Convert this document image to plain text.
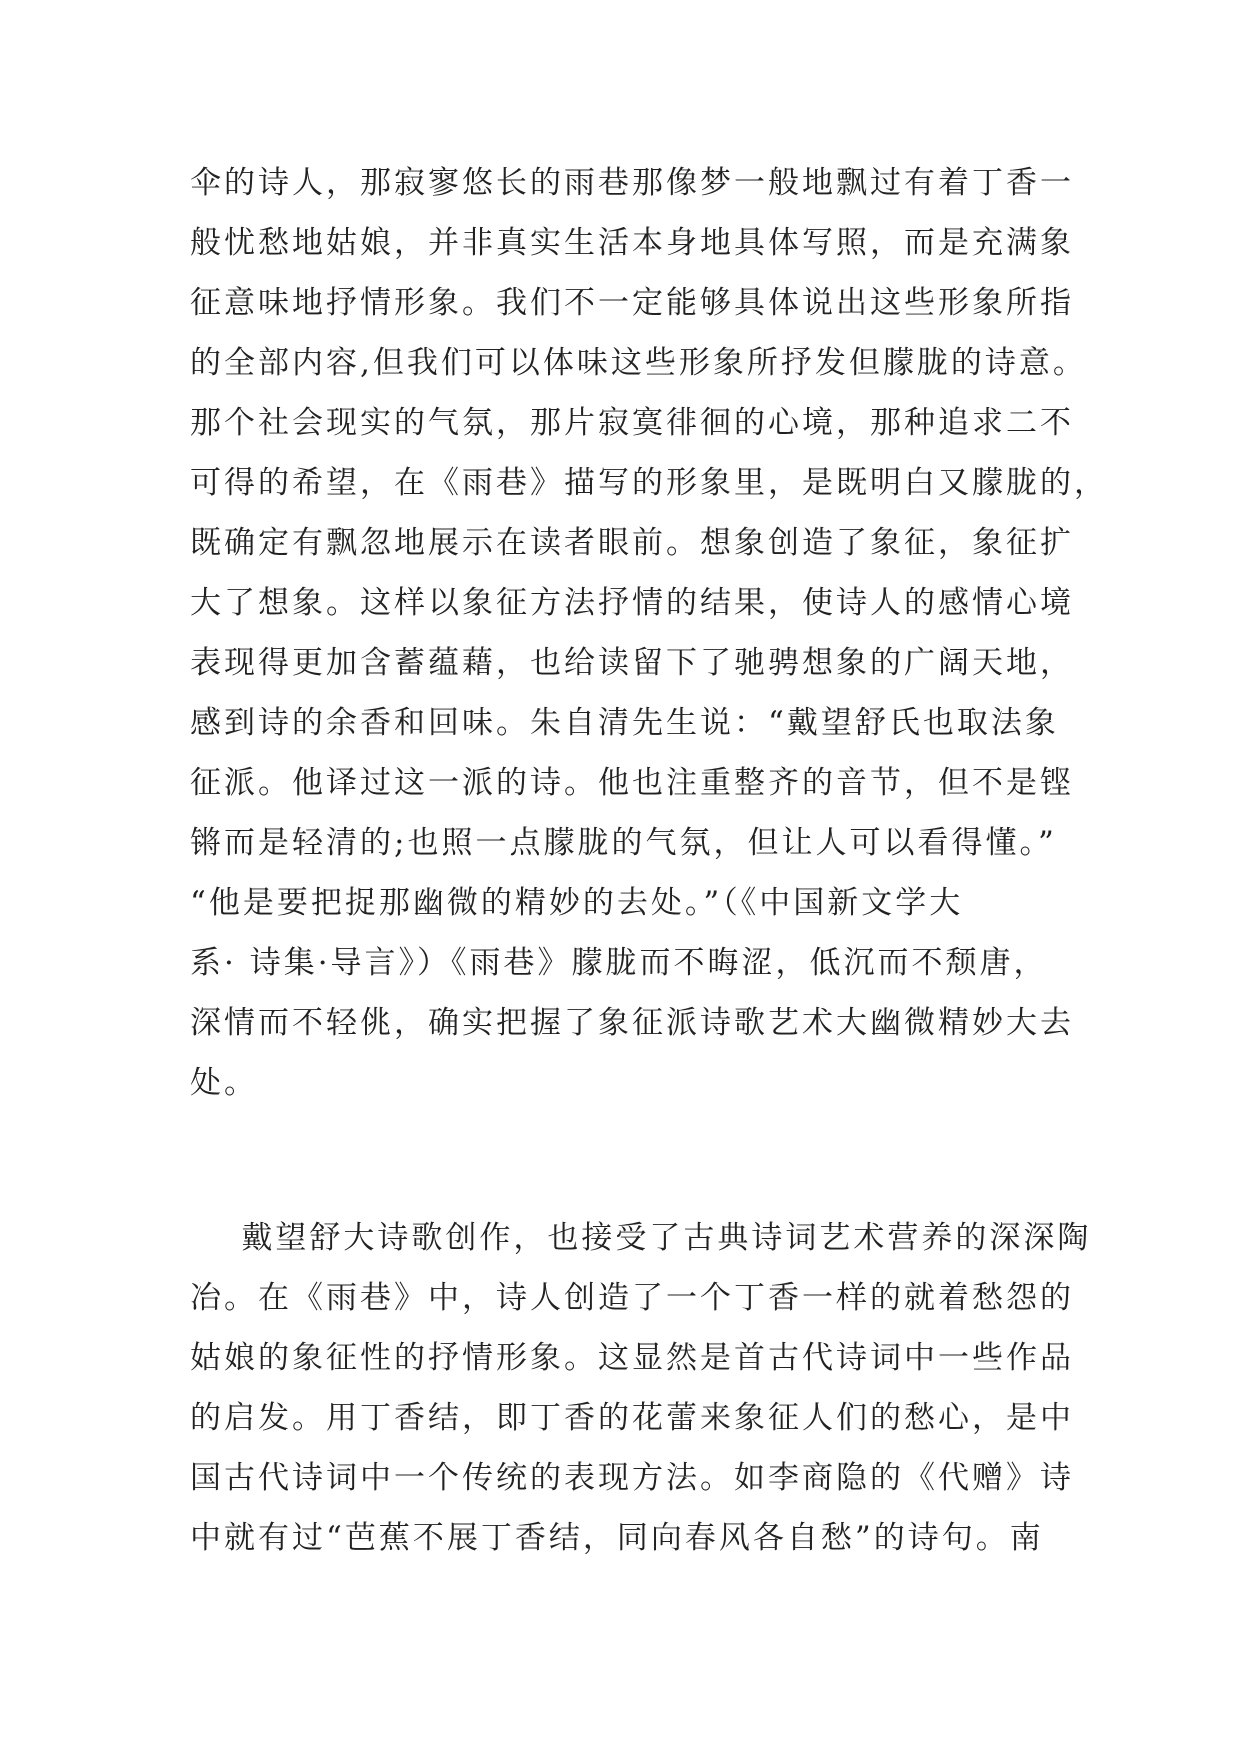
伞的诗人，那寂寥悠长的雨巷那像梦一般地飘过有着丁香一
般忧愁地姑娘，并非真实生活本身地具体写照，而是充满象
征意味地抒情形象。我们不一定能够具体说出这些形象所指
的全部内容,但我们可以体味这些形象所抒发但朦胧的诗意。
那个社会现实的气氛，那片寂寞徘徊的心境，那种追求二不
可得的希望，在《雨巷》描写的形象里，是既明白又朦胧的，
既确定有飘忽地展示在读者眼前。想象创造了象征，象征扩
大了想象。这样以象征方法抒情的结果，使诗人的感情心境
表现得更加含蓄蕴藉，也给读留下了驰骋想象的广阔天地，
感到诗的余香和回味。朱自清先生说：“戴望舒氏也取法象
征派。他译过这一派的诗。他也注重整齐的音节，但不是铿
锵而是轻清的;也照一点朦胧的气氛，但让人可以看得懂。”
“他是要把捉那幽微的精妙的去处。”（《中国新文学大
系· 诗集·导言》）《雨巷》朦胧而不晦涩，低沉而不颓唐，
深情而不轻佻，确实把握了象征派诗歌艺术大幽微精妙大去
处。
戴望舒大诗歌创作，也接受了古典诗词艺术营养的深深陶
冶。在《雨巷》中，诗人创造了一个丁香一样的就着愁怨的
姑娘的象征性的抒情形象。这显然是首古代诗词中一些作品
的启发。用丁香结，即丁香的花蕾来象征人们的愁心，是中
国古代诗词中一个传统的表现方法。如李商隐的《代赠》诗
中就有过“芭蕉不展丁香结，同向春风各自愁”的诗句。南
